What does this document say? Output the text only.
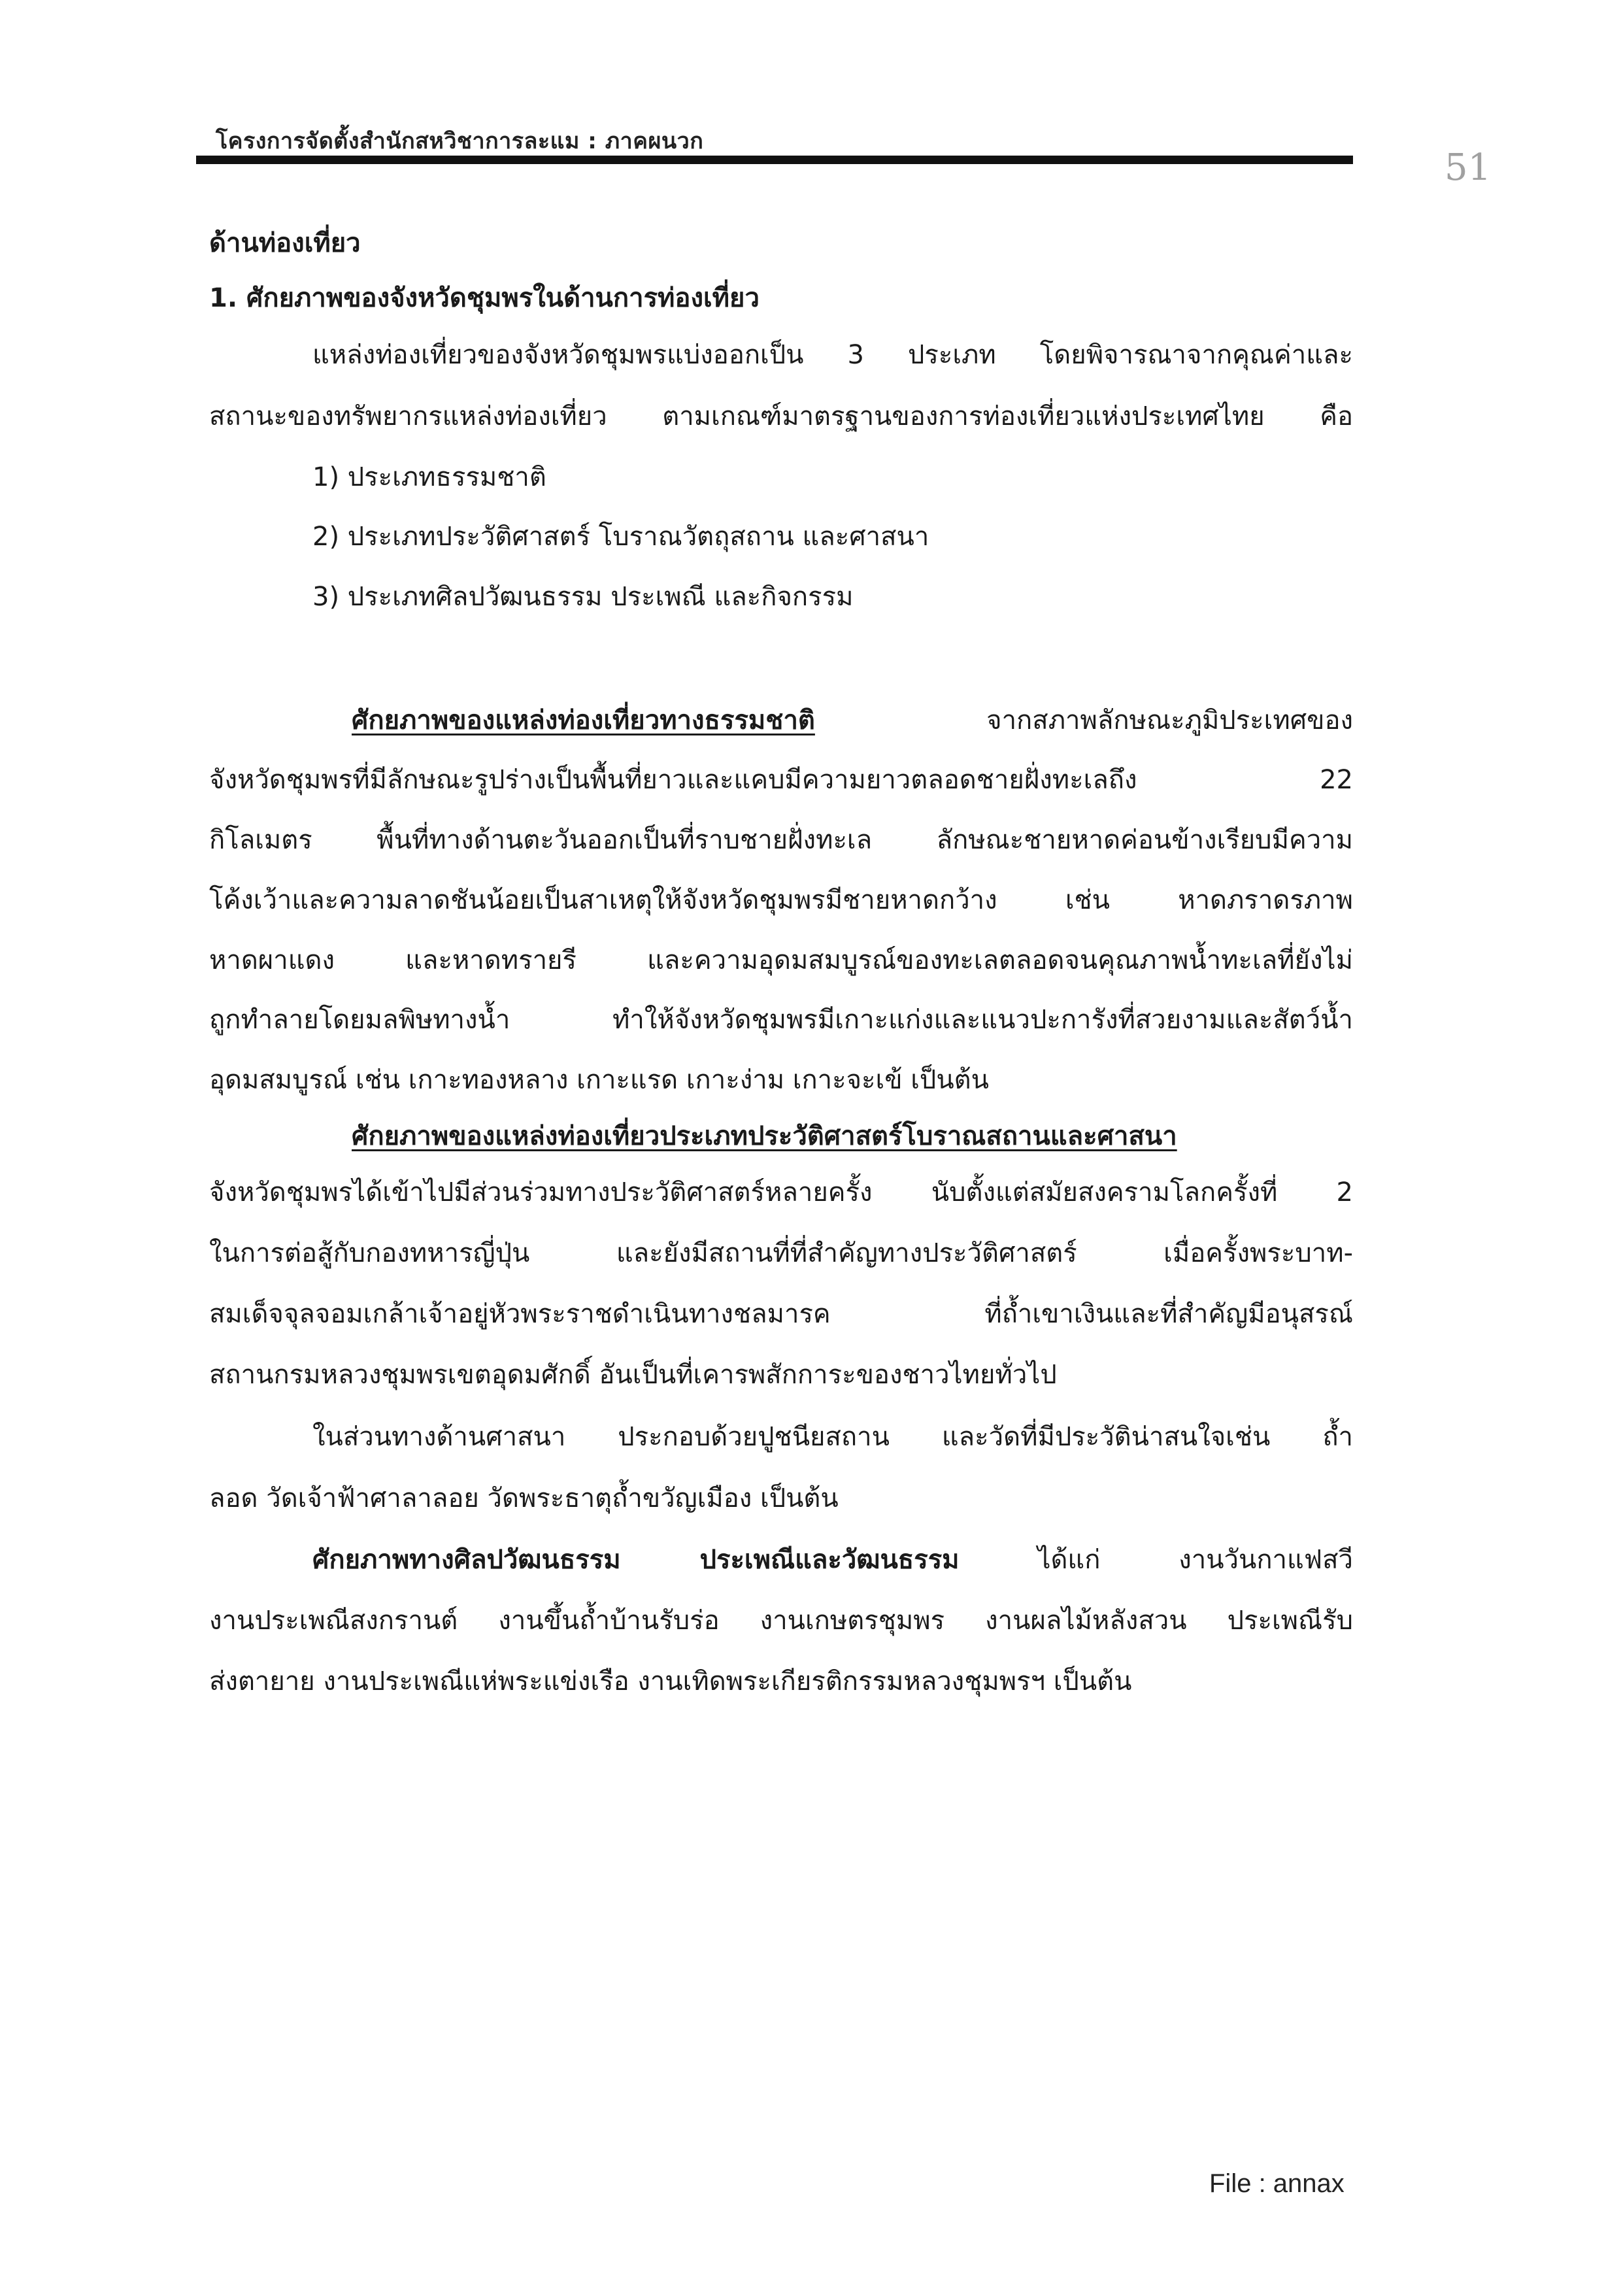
โครงการจัดตั้งสำนักสหวิชาการละแม : ภาคผนวก

51

ด้านท่องเที่ยว

1. ศักยภาพของจังหวัดชุมพรในด้านการท่องเที่ยว

แหล่งท่องเที่ยวของจังหวัดชุมพรแบ่งออกเป็น 3 ประเภท โดยพิจารณาจากคุณค่าและ

สถานะของทรัพยากรแหล่งท่องเที่ยว ตามเกณฑ์มาตรฐานของการท่องเที่ยวแห่งประเทศไทย คือ

1) ประเภทธรรมชาติ

2) ประเภทประวัติศาสตร์ โบราณวัตถุสถาน และศาสนา

3) ประเภทศิลปวัฒนธรรม ประเพณี และกิจกรรม

ศักยภาพของแหล่งท่องเที่ยวทางธรรมชาติ	จากสภาพลักษณะภูมิประเทศของ

จังหวัดชุมพรที่มีลักษณะรูปร่างเป็นพื้นที่ยาวและแคบมีความยาวตลอดชายฝั่งทะเลถึง 22

กิโลเมตร พื้นที่ทางด้านตะวันออกเป็นที่ราบชายฝั่งทะเล ลักษณะชายหาดค่อนข้างเรียบมีความ

โค้งเว้าและความลาดชันน้อยเป็นสาเหตุให้จังหวัดชุมพรมีชายหาดกว้าง เช่น หาดภราดรภาพ

หาดผาแดง และหาดทรายรี และความอุดมสมบูรณ์ของทะเลตลอดจนคุณภาพน้ำทะเลที่ยังไม่

ถูกทำลายโดยมลพิษทางน้ำ ทำให้จังหวัดชุมพรมีเกาะแก่งและแนวปะการังที่สวยงามและสัตว์น้ำ

อุดมสมบูรณ์ เช่น เกาะทองหลาง เกาะแรด เกาะง่าม เกาะจะเข้ เป็นต้น

ศักยภาพของแหล่งท่องเที่ยวประเภทประวัติศาสตร์โบราณสถานและศาสนา

จังหวัดชุมพรได้เข้าไปมีส่วนร่วมทางประวัติศาสตร์หลายครั้ง นับตั้งแต่สมัยสงครามโลกครั้งที่ 2

ในการต่อสู้กับกองทหารญี่ปุ่น และยังมีสถานที่ที่สำคัญทางประวัติศาสตร์ เมื่อครั้งพระบาท-

สมเด็จจุลจอมเกล้าเจ้าอยู่หัวพระราชดำเนินทางชลมารค ที่ถ้ำเขาเงินและที่สำคัญมีอนุสรณ์

สถานกรมหลวงชุมพรเขตอุดมศักดิ์ อันเป็นที่เคารพสักการะของชาวไทยทั่วไป

ในส่วนทางด้านศาสนา ประกอบด้วยปูชนียสถาน และวัดที่มีประวัติน่าสนใจเช่น ถ้ำ

ลอด วัดเจ้าฟ้าศาลาลอย วัดพระธาตุถ้ำขวัญเมือง เป็นต้น

ศักยภาพทางศิลปวัฒนธรรม ประเพณีและวัฒนธรรม	ได้แก่ งานวันกาแฟสวี

งานประเพณีสงกรานต์ งานขึ้นถ้ำบ้านรับร่อ งานเกษตรชุมพร งานผลไม้หลังสวน ประเพณีรับ

ส่งตายาย งานประเพณีแห่พระแข่งเรือ งานเทิดพระเกียรติกรรมหลวงชุมพรฯ เป็นต้น

File : annax
